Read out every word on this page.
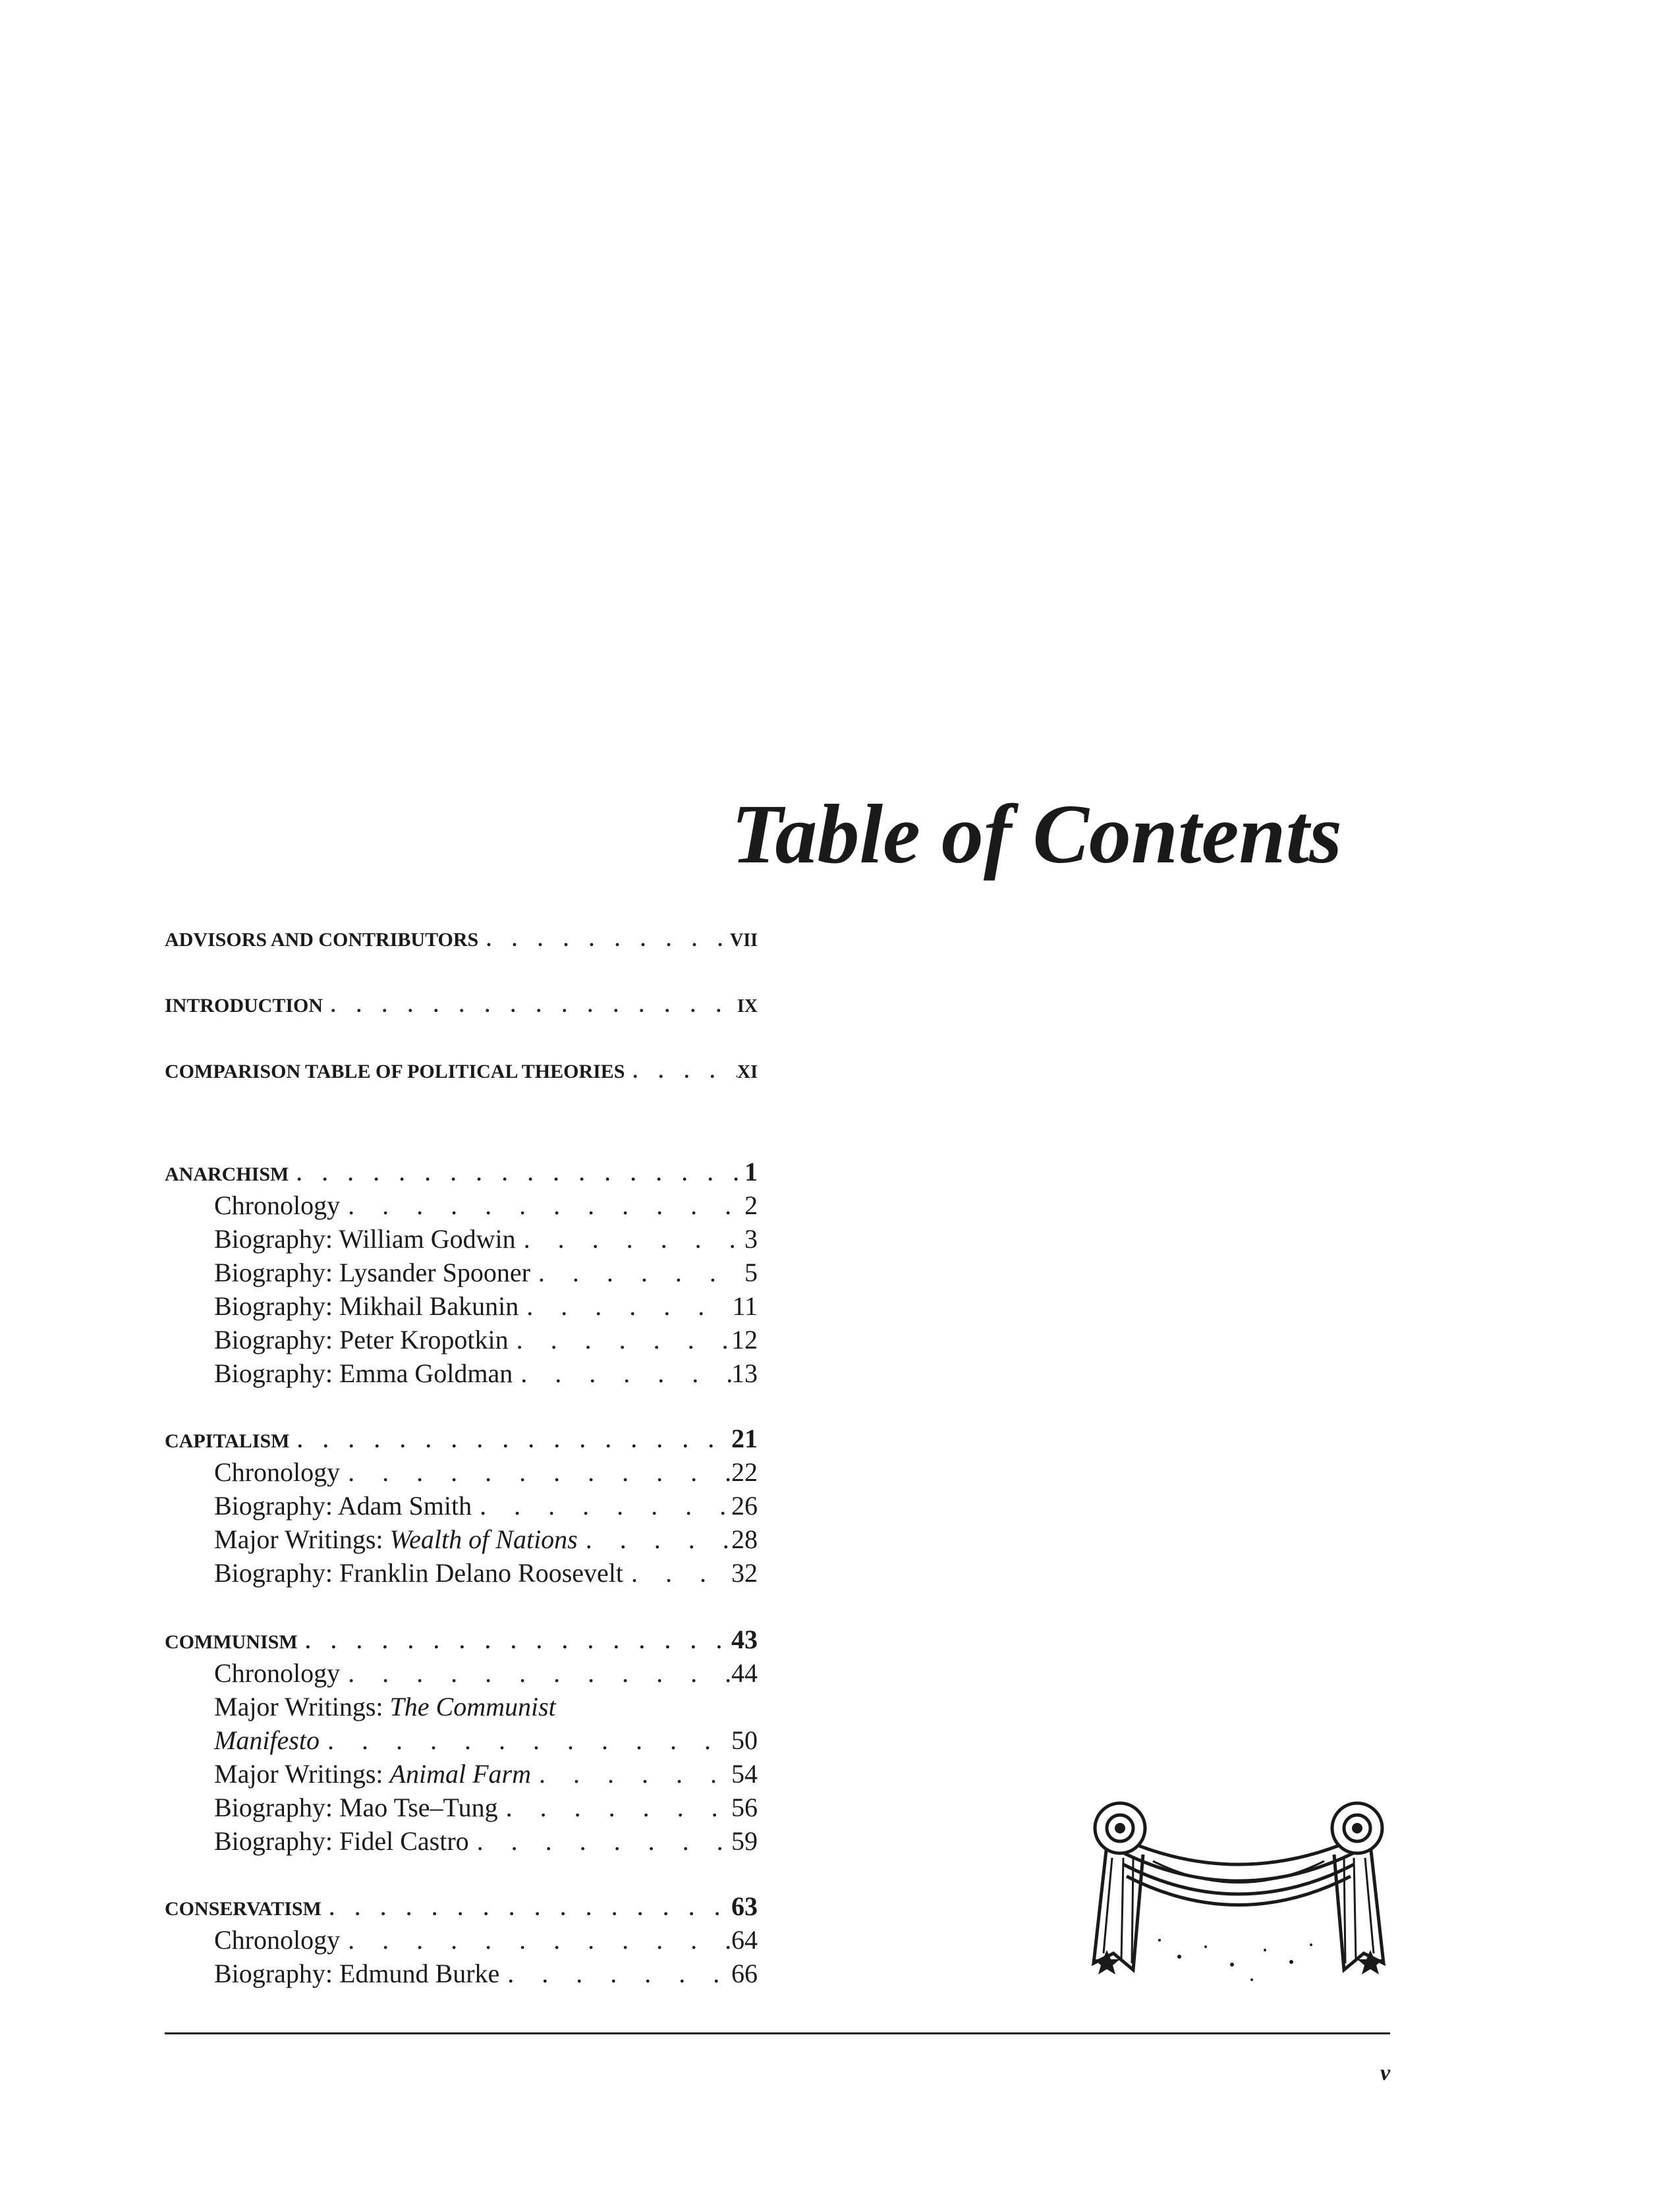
Table of Contents
ADVISORS AND CONTRIBUTORS . . .	VII
INTRODUCTION . . .	IX
COMPARISON TABLE OF POLITICAL THEORIES . . .	XI
ANARCHISM . . .	1
Chronology . . .	2
Biography: William Godwin . . .	3
Biography: Lysander Spooner . . .	5
Biography: Mikhail Bakunin . . .	11
Biography: Peter Kropotkin . . .	12
Biography: Emma Goldman . . .	13
CAPITALISM . . .	21
Chronology . . .	22
Biography: Adam Smith . . .	26
Major Writings: Wealth of Nations . . .	28
Biography: Franklin Delano Roosevelt . . .	32
COMMUNISM . . .	43
Chronology . . .	44
Major Writings: The Communist
Manifesto . . .	50
Major Writings: Animal Farm . . .	54
Biography: Mao Tse–Tung . . .	56
Biography: Fidel Castro . . .	59
CONSERVATISM . . .	63
Chronology . . .	64
Biography: Edmund Burke . . .	66
v
